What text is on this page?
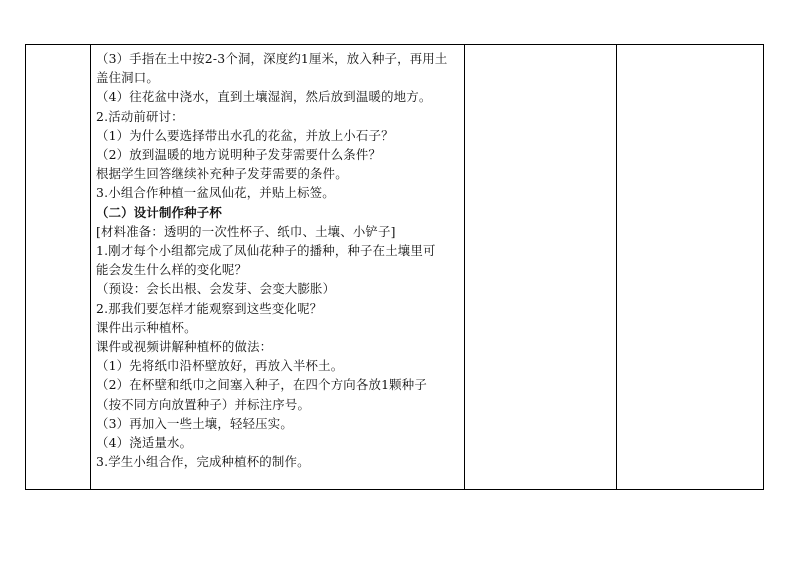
（3）手指在土中按2-3个洞，深度约1厘米，放入种子，再用土
盖住洞口。
（4）往花盆中浇水，直到土壤湿润，然后放到温暖的地方。
2.活动前研讨：
（1）为什么要选择带出水孔的花盆，并放上小石子？
（2）放到温暖的地方说明种子发芽需要什么条件？
根据学生回答继续补充种子发芽需要的条件。
3.小组合作种植一盆凤仙花，并贴上标签。
（二）设计制作种子杯
[材料准备：透明的一次性杯子、纸巾、土壤、小铲子]
1.刚才每个小组都完成了凤仙花种子的播种，种子在土壤里可
能会发生什么样的变化呢？
（预设：会长出根、会发芽、会变大膨胀）
2.那我们要怎样才能观察到这些变化呢？
课件出示种植杯。
课件或视频讲解种植杯的做法：
（1）先将纸巾沿杯壁放好，再放入半杯土。
（2）在杯壁和纸巾之间塞入种子，在四个方向各放1颗种子
（按不同方向放置种子）并标注序号。
（3）再加入一些土壤，轻轻压实。
（4）浇适量水。
3.学生小组合作，完成种植杯的制作。
